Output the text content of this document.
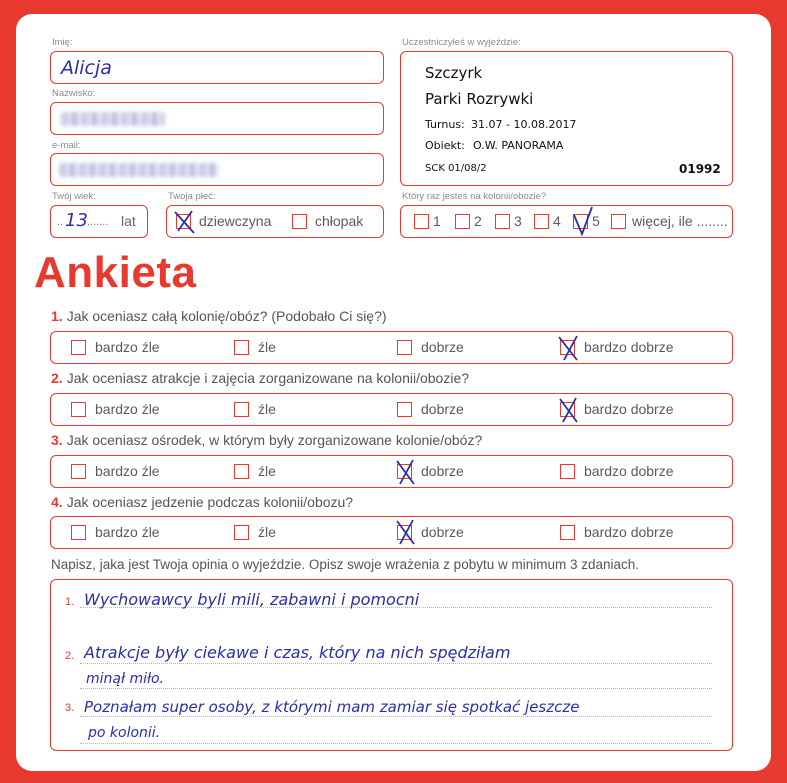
Imię:
Alicja
Nazwisko:
e-mail:
Twój wiek:
.. 13 ....... lat
Twoja płeć:
dziewczyna	chłopak
Uczestniczyłeś w wyjeździe:
Szczyrk
Parki Rozrywki
Turnus: 31.07 - 10.08.2017
Obiekt: O.W. PANORAMA
SCK 01/08/2	01992
Który raz jesteś na kolonii/obozie?
1 2 3 4 5 więcej, ile ........
Ankieta
1. Jak oceniasz całą kolonię/obóz? (Podobało Ci się?)
bardzo źle	źle	dobrze	bardzo dobrze
2. Jak oceniasz atrakcje i zajęcia zorganizowane na kolonii/obozie?
bardzo źle	źle	dobrze	bardzo dobrze
3. Jak oceniasz ośrodek, w którym były zorganizowane kolonie/obóz?
bardzo źle	źle	dobrze	bardzo dobrze
4. Jak oceniasz jedzenie podczas kolonii/obozu?
bardzo źle	źle	dobrze	bardzo dobrze
Napisz, jaka jest Twoja opinia o wyjeździe. Opisz swoje wrażenia z pobytu w minimum 3 zdaniach.
1.
2.
3.
Wychowawcy byli mili, zabawni i pomocni
Atrakcje były ciekawe i czas, który na nich spędziłam
minął miło.
Poznałam super osoby, z którymi mam zamiar się spotkać jeszcze
po kolonii.
